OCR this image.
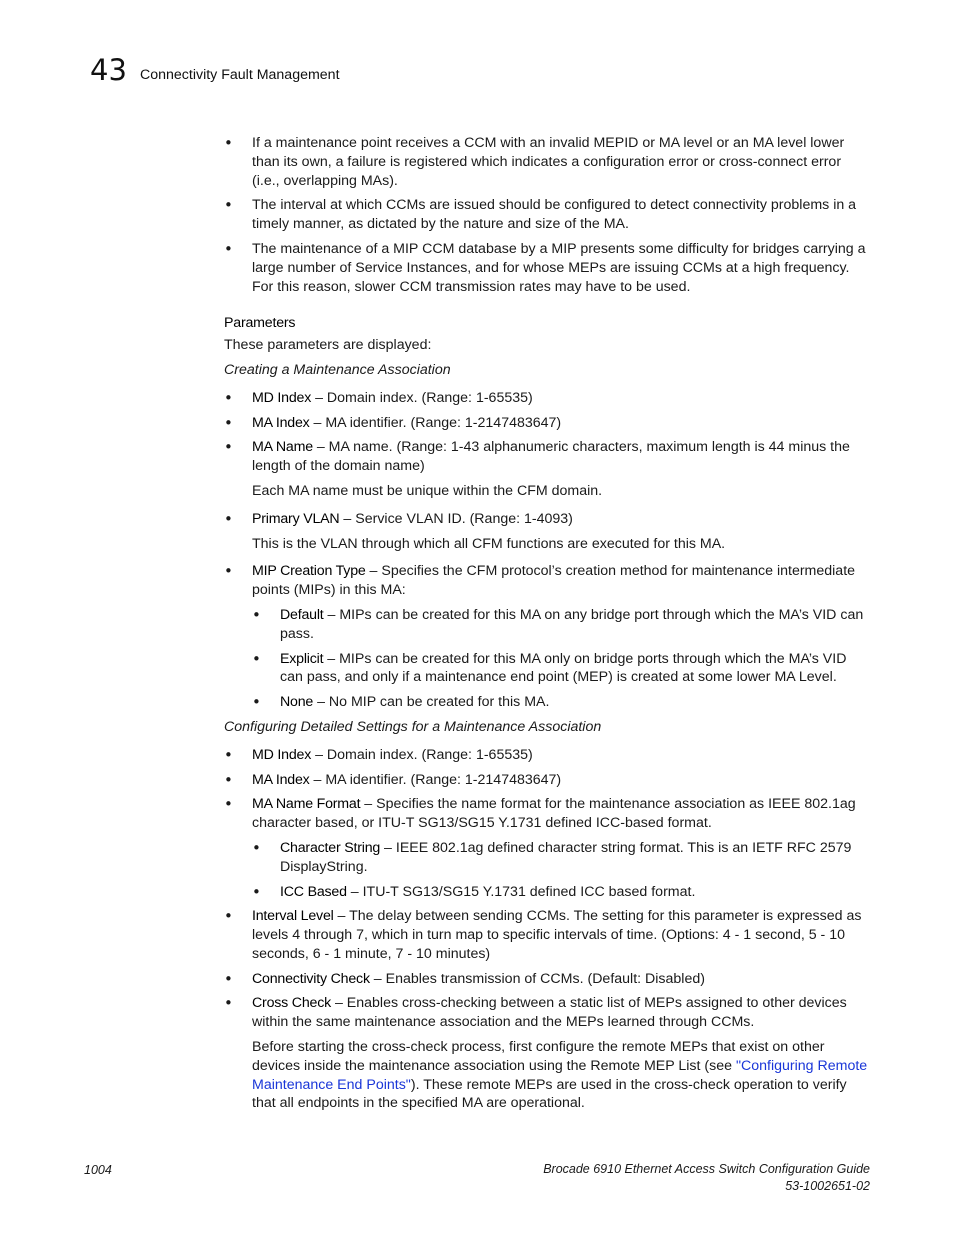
43 Connectivity Fault Management
• If a maintenance point receives a CCM with an invalid MEPID or MA level or an MA level lower than its own, a failure is registered which indicates a configuration error or cross-connect error (i.e., overlapping MAs).
• The interval at which CCMs are issued should be configured to detect connectivity problems in a timely manner, as dictated by the nature and size of the MA.
• The maintenance of a MIP CCM database by a MIP presents some difficulty for bridges carrying a large number of Service Instances, and for whose MEPs are issuing CCMs at a high frequency. For this reason, slower CCM transmission rates may have to be used.
Parameters
These parameters are displayed:
Creating a Maintenance Association
• MD Index – Domain index. (Range: 1-65535)
• MA Index – MA identifier. (Range: 1-2147483647)
• MA Name – MA name. (Range: 1-43 alphanumeric characters, maximum length is 44 minus the length of the domain name)
Each MA name must be unique within the CFM domain.
• Primary VLAN – Service VLAN ID. (Range: 1-4093)
This is the VLAN through which all CFM functions are executed for this MA.
• MIP Creation Type – Specifies the CFM protocol’s creation method for maintenance intermediate points (MIPs) in this MA:
• Default – MIPs can be created for this MA on any bridge port through which the MA’s VID can pass.
• Explicit – MIPs can be created for this MA only on bridge ports through which the MA’s VID can pass, and only if a maintenance end point (MEP) is created at some lower MA Level.
• None – No MIP can be created for this MA.
Configuring Detailed Settings for a Maintenance Association
• MD Index – Domain index. (Range: 1-65535)
• MA Index – MA identifier. (Range: 1-2147483647)
• MA Name Format – Specifies the name format for the maintenance association as IEEE 802.1ag character based, or ITU-T SG13/SG15 Y.1731 defined ICC-based format.
• Character String – IEEE 802.1ag defined character string format. This is an IETF RFC 2579 DisplayString.
• ICC Based – ITU-T SG13/SG15 Y.1731 defined ICC based format.
• Interval Level – The delay between sending CCMs. The setting for this parameter is expressed as levels 4 through 7, which in turn map to specific intervals of time. (Options: 4 - 1 second, 5 - 10 seconds, 6 - 1 minute, 7 - 10 minutes)
• Connectivity Check – Enables transmission of CCMs. (Default: Disabled)
• Cross Check – Enables cross-checking between a static list of MEPs assigned to other devices within the same maintenance association and the MEPs learned through CCMs.
Before starting the cross-check process, first configure the remote MEPs that exist on other devices inside the maintenance association using the Remote MEP List (see "Configuring Remote Maintenance End Points"). These remote MEPs are used in the cross-check operation to verify that all endpoints in the specified MA are operational.
1004	Brocade 6910 Ethernet Access Switch Configuration Guide
53-1002651-02
